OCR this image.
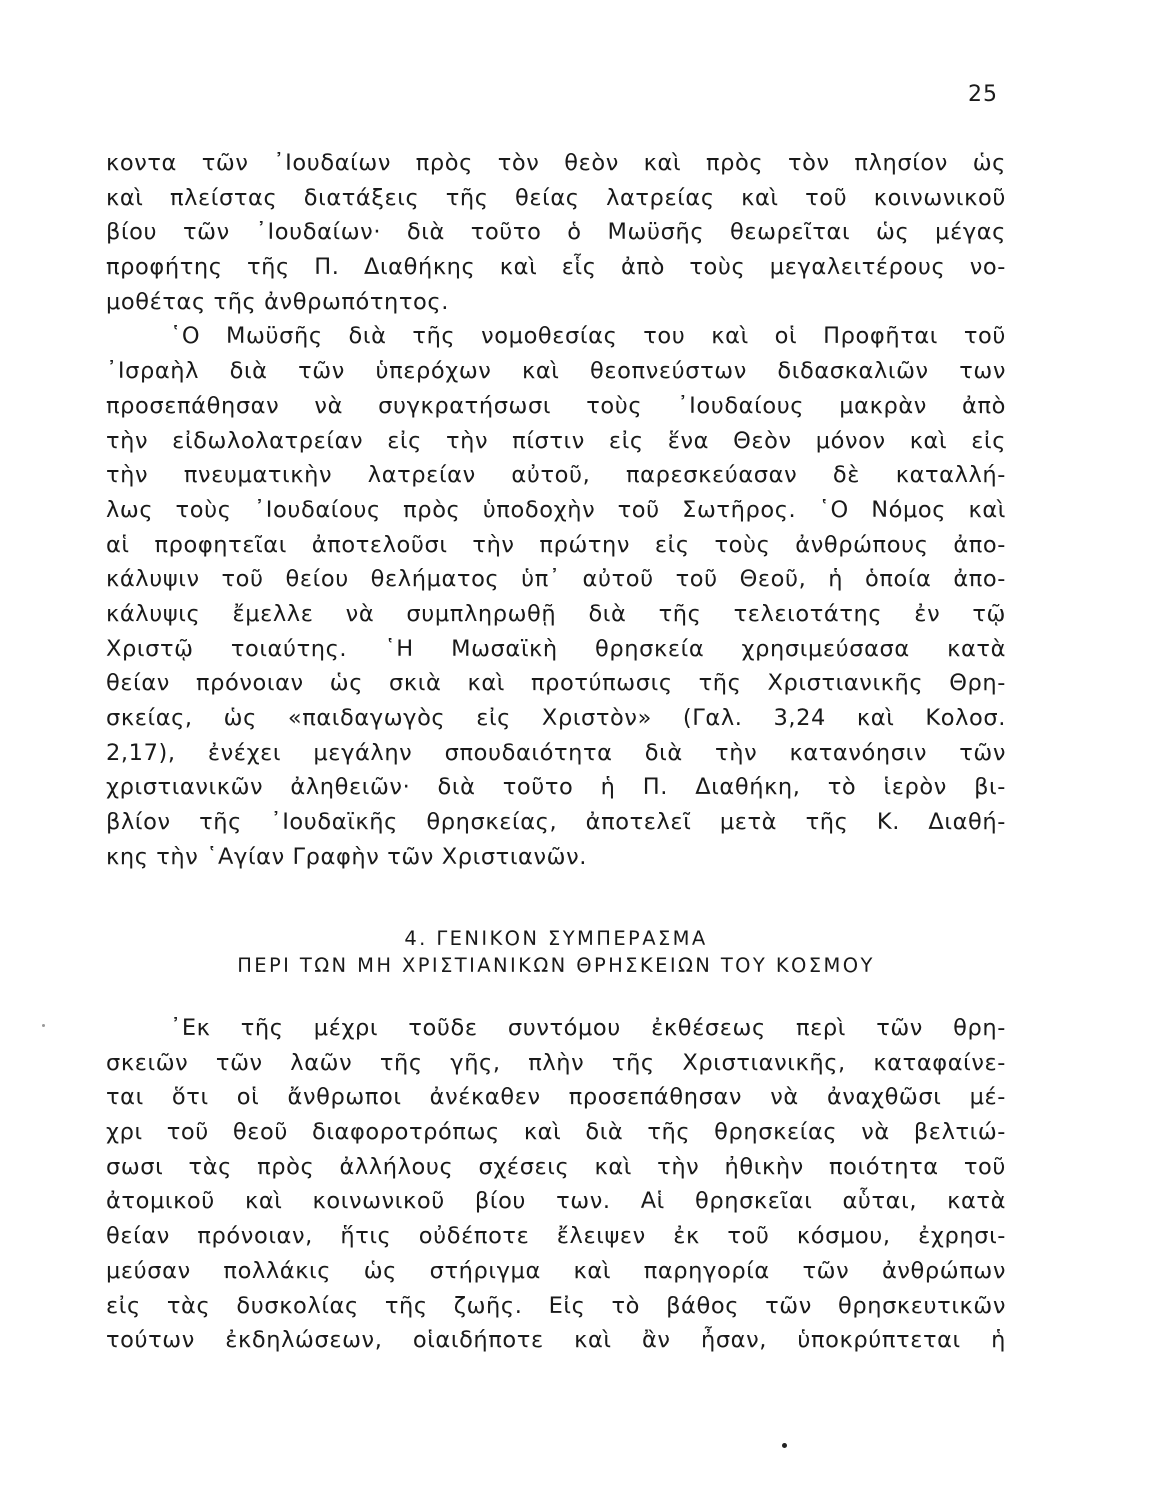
25
κοντα τῶν ᾿Ιουδαίων πρὸς τὸν θεὸν καὶ πρὸς τὸν πλησίον ὡς
καὶ πλείστας διατάξεις τῆς θείας λατρείας καὶ τοῦ κοινωνικοῦ
βίου τῶν ᾿Ιουδαίων· διὰ τοῦτο ὁ Μωϋσῆς θεωρεῖται ὡς μέγας
προφήτης τῆς Π. Διαθήκης καὶ εἷς ἀπὸ τοὺς μεγαλειτέρους νο-
μοθέτας τῆς ἀνθρωπότητος.
῾Ο Μωϋσῆς διὰ τῆς νομοθεσίας του καὶ οἱ Προφῆται τοῦ
᾿Ισραὴλ διὰ τῶν ὑπερόχων καὶ θεοπνεύστων διδασκαλιῶν των
προσεπάθησαν νὰ συγκρατήσωσι τοὺς ᾿Ιουδαίους μακρὰν ἀπὸ
τὴν εἰδωλολατρείαν εἰς τὴν πίστιν εἰς ἕνα Θεὸν μόνον καὶ εἰς
τὴν πνευματικὴν λατρείαν αὐτοῦ, παρεσκεύασαν δὲ καταλλή-
λως τοὺς ᾿Ιουδαίους πρὸς ὑποδοχὴν τοῦ Σωτῆρος. ῾Ο Νόμος καὶ
αἱ προφητεῖαι ἀποτελοῦσι τὴν πρώτην εἰς τοὺς ἀνθρώπους ἀπο-
κάλυψιν τοῦ θείου θελήματος ὑπ᾿ αὐτοῦ τοῦ Θεοῦ, ἡ ὁποία ἀπο-
κάλυψις ἔμελλε νὰ συμπληρωθῇ διὰ τῆς τελειοτάτης ἐν τῷ
Χριστῷ τοιαύτης. ῾Η Μωσαϊκὴ θρησκεία χρησιμεύσασα κατὰ
θείαν πρόνοιαν ὡς σκιὰ καὶ προτύπωσις τῆς Χριστιανικῆς Θρη-
σκείας, ὡς «παιδαγωγὸς εἰς Χριστὸν» (Γαλ. 3,24 καὶ Κολοσ.
2,17), ἐνέχει μεγάλην σπουδαιότητα διὰ τὴν κατανόησιν τῶν
χριστιανικῶν ἀληθειῶν· διὰ τοῦτο ἡ Π. Διαθήκη, τὸ ἱερὸν βι-
βλίον τῆς ᾿Ιουδαϊκῆς θρησκείας, ἀποτελεῖ μετὰ τῆς Κ. Διαθή-
κης τὴν ῾Αγίαν Γραφὴν τῶν Χριστιανῶν.
4. ΓΕΝΙΚΟΝ ΣΥΜΠΕΡΑΣΜΑ
ΠΕΡΙ ΤΩΝ ΜΗ ΧΡΙΣΤΙΑΝΙΚΩΝ ΘΡΗΣΚΕΙΩΝ ΤΟΥ ΚΟΣΜΟΥ
᾿Εκ τῆς μέχρι τοῦδε συντόμου ἐκθέσεως περὶ τῶν θρη-
σκειῶν τῶν λαῶν τῆς γῆς, πλὴν τῆς Χριστιανικῆς, καταφαίνε-
ται ὅτι οἱ ἄνθρωποι ἀνέκαθεν προσεπάθησαν νὰ ἀναχθῶσι μέ-
χρι τοῦ θεοῦ διαφοροτρόπως καὶ διὰ τῆς θρησκείας νὰ βελτιώ-
σωσι τὰς πρὸς ἀλλήλους σχέσεις καὶ τὴν ἠθικὴν ποιότητα τοῦ
ἀτομικοῦ καὶ κοινωνικοῦ βίου των. Αἱ θρησκεῖαι αὗται, κατὰ
θείαν πρόνοιαν, ἥτις οὐδέποτε ἔλειψεν ἐκ τοῦ κόσμου, ἐχρησι-
μεύσαν πολλάκις ὡς στήριγμα καὶ παρηγορία τῶν ἀνθρώπων
εἰς τὰς δυσκολίας τῆς ζωῆς. Εἰς τὸ βάθος τῶν θρησκευτικῶν
τούτων ἐκδηλώσεων, οἱαιδήποτε καὶ ἂν ἦσαν, ὑποκρύπτεται ἡ
